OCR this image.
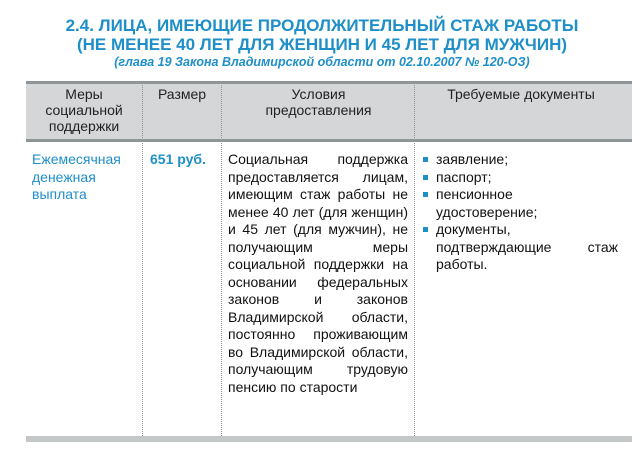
2.4. ЛИЦА, ИМЕЮЩИЕ ПРОДОЛЖИТЕЛЬНЫЙ СТАЖ РАБОТЫ
(НЕ МЕНЕЕ 40 ЛЕТ ДЛЯ ЖЕНЩИН И 45 ЛЕТ ДЛЯ МУЖЧИН)
(глава 19 Закона Владимирской области от 02.10.2007 № 120-ОЗ)
Меры социальной поддержки
Размер	Условия предоставления
Требуемые документы
Ежемесячная денежная выплата
651 руб.	Социальная поддержка предоставляется лицам, имеющим стаж работы не менее 40 лет (для женщин) и 45 лет (для мужчин), не получающим меры социальной поддержки на основании федеральных законов и законов Владимирской области, постоянно проживающим во Владимирской области, получающим трудовую пенсию по старости
заявление;
паспорт;
пенсионное удостоверение;
документы, подтверждающие стаж работы.
